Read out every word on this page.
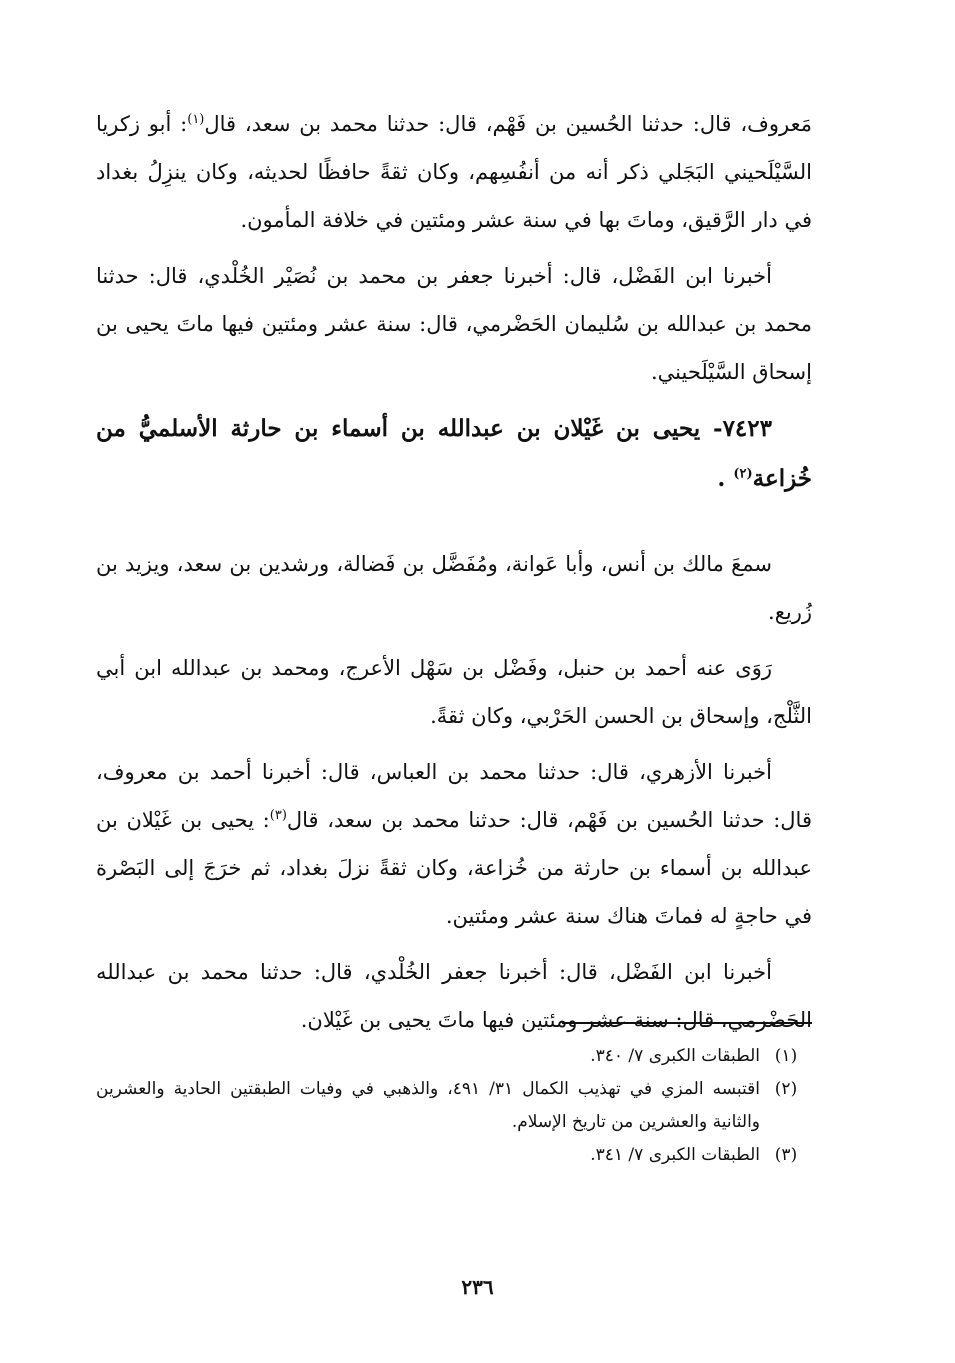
مَعروف، قال: حدثنا الحُسين بن فَهْم، قال: حدثنا محمد بن سعد، قال$^{(١)}$: أبو زكريا السَّيْلَحيني البَجَلي ذكر أنه من أنفُسِهم، وكان ثقةً حافظًا لحديثه، وكان ينزِلُ بغداد في دار الرَّقيق، وماتَ بها في سنة عشر ومئتين في خلافة المأمون.

أخبرنا ابن الفَضْل، قال: أخبرنا جعفر بن محمد بن نُصَيْر الخُلْدي، قال: حدثنا محمد بن عبدالله بن سُليمان الحَضْرمي، قال: سنة عشر ومئتين فيها ماتَ يحيى بن إسحاق السَّيْلَحيني.

٧٤٢٣- يحيى بن غَيْلان بن عبدالله بن أسماء بن حارثة الأسلميُّ من خُزاعة$^{(٢)}$ .

سمعَ مالك بن أنس، وأبا عَوانة، ومُفَضَّل بن فَضالة، ورشدين بن سعد، ويزيد بن زُريع.

رَوَى عنه أحمد بن حنبل، وفَضْل بن سَهْل الأعرج، ومحمد بن عبدالله ابن أبي الثَّلْج، وإسحاق بن الحسن الحَرْبي، وكان ثقةً.

أخبرنا الأزهري، قال: حدثنا محمد بن العباس، قال: أخبرنا أحمد بن معروف، قال: حدثنا الحُسين بن فَهْم، قال: حدثنا محمد بن سعد، قال$^{(٣)}$: يحيى بن غَيْلان بن عبدالله بن أسماء بن حارثة من خُزاعة، وكان ثقةً نزلَ بغداد، ثم خرَجَ إلى البَصْرة في حاجةٍ له فماتَ هناك سنة عشر ومئتين.

أخبرنا ابن الفَضْل، قال: أخبرنا جعفر الخُلْدي، قال: حدثنا محمد بن عبدالله الحَضْرمي، قال: سنة عشر ومئتين فيها ماتَ يحيى بن غَيْلان.

(١)
الطبقات الكبرى ٧/ ٣٤٠.
(٢)
اقتبسه المزي في تهذيب الكمال ٣١/ ٤٩١، والذهبي في وفيات الطبقتين الحادية والعشرين والثانية والعشرين من تاريخ الإسلام.
(٣)
الطبقات الكبرى ٧/ ٣٤١.
٢٣٦
